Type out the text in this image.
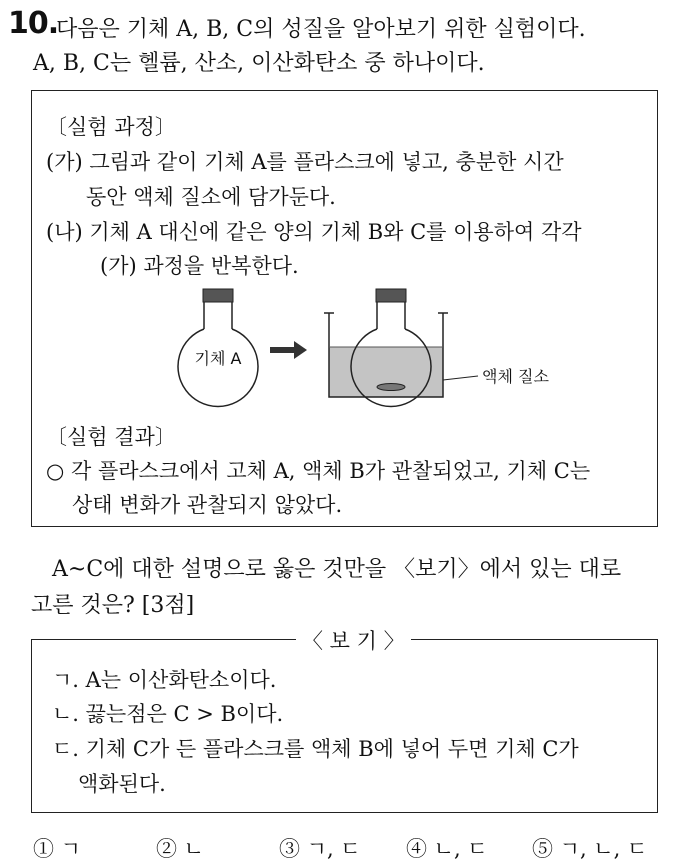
10.
다음은 기체 A, B, C의 성질을 알아보기 위한 실험이다.
A, B, C는 헬륨, 산소, 이산화탄소 중 하나이다.
〔실험 과정〕
(가) 그림과 같이 기체 A를 플라스크에 넣고, 충분한 시간
동안 액체 질소에 담가둔다.
(나) 기체 A 대신에 같은 양의 기체 B와 C를 이용하여 각각
(가) 과정을 반복한다.
기체 A
액체 질소
〔실험 결과〕
○ 각 플라스크에서 고체 A, 액체 B가 관찰되었고, 기체 C는
상태 변화가 관찰되지 않았다.
A~C에 대한 설명으로 옳은 것만을 〈보기〉에서 있는 대로
고른 것은? [3점]
ㄱ. A는 이산화탄소이다.
ㄴ. 끓는점은 C > B이다.
ㄷ. 기체 C가 든 플라스크를 액체 B에 넣어 두면 기체 C가
액화된다.
〈 보 기 〉
① ㄱ	② ㄴ	③ ㄱ, ㄷ ④ ㄴ, ㄷ ⑤ ㄱ, ㄴ, ㄷ
